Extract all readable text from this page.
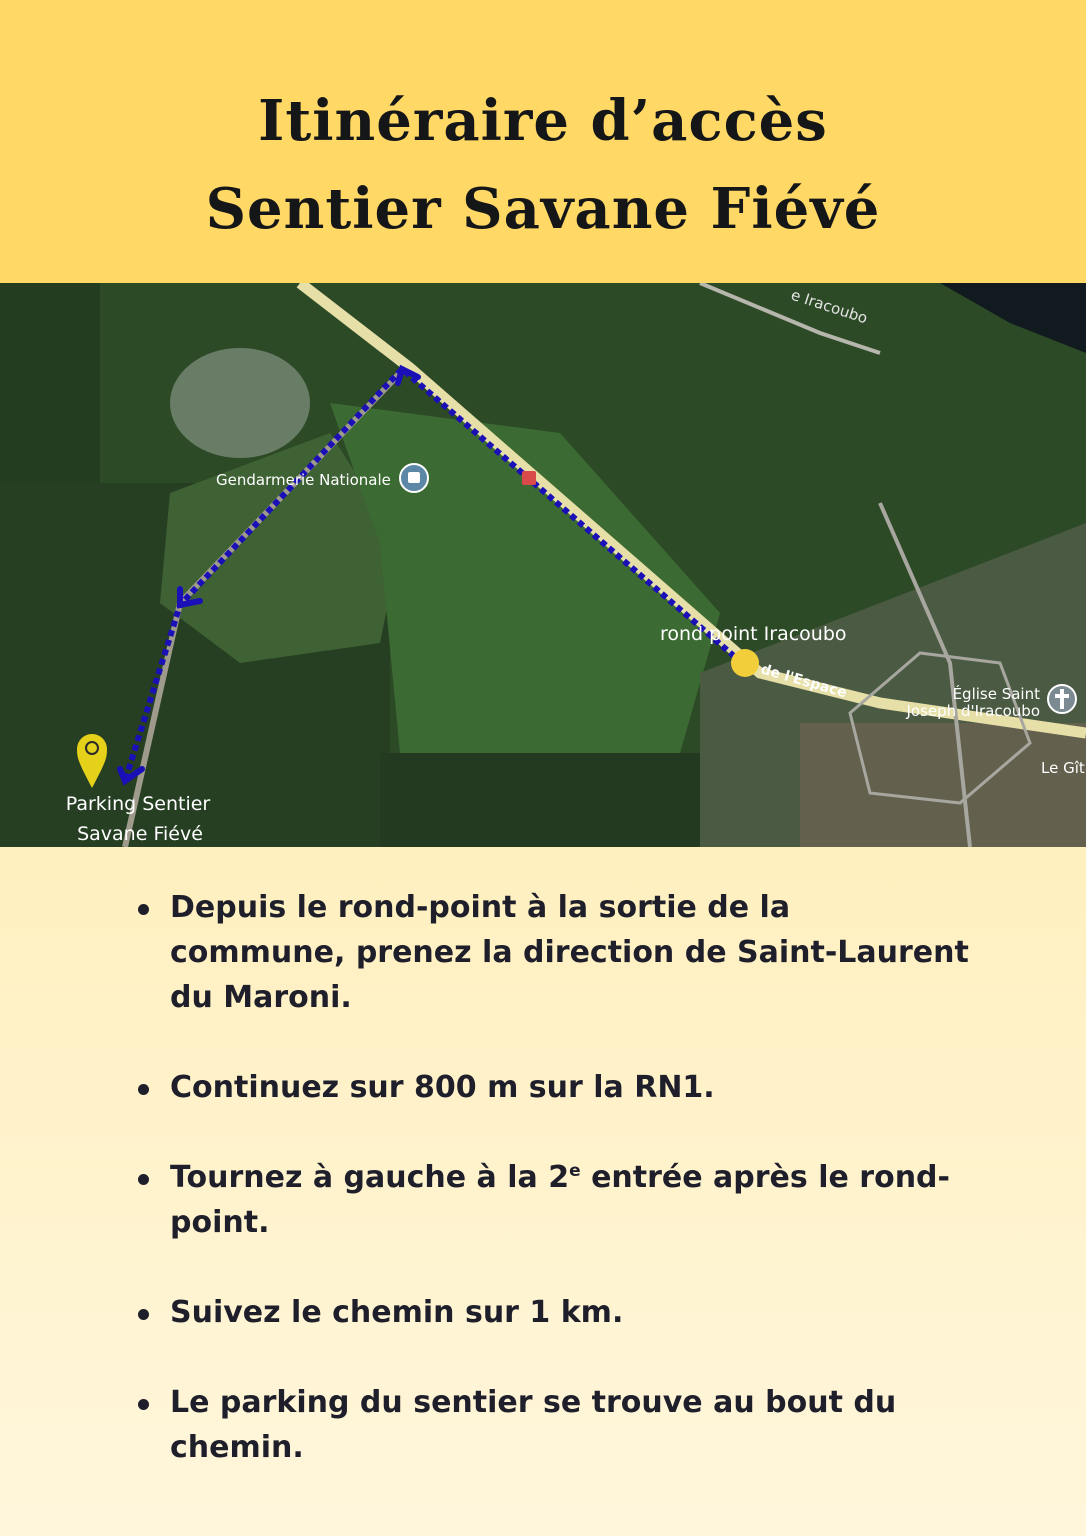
Itinéraire d’accès
Sentier Savane Fiévé
e Iracoubo
Gendarmerie Nationale
rond point Iracoubo
de l'Espace	Église Saint
Joseph d'Iracoubo
Le Gît
Parking Sentier
Savane Fiévé
Depuis le rond-point à la sortie de la commune, prenez la direction de Saint-Laurent du Maroni.
Continuez sur 800 m sur la RN1.
Tournez à gauche à la 2e entrée après le rond-point.
Suivez le chemin sur 1 km.
Le parking du sentier se trouve au bout du chemin.
